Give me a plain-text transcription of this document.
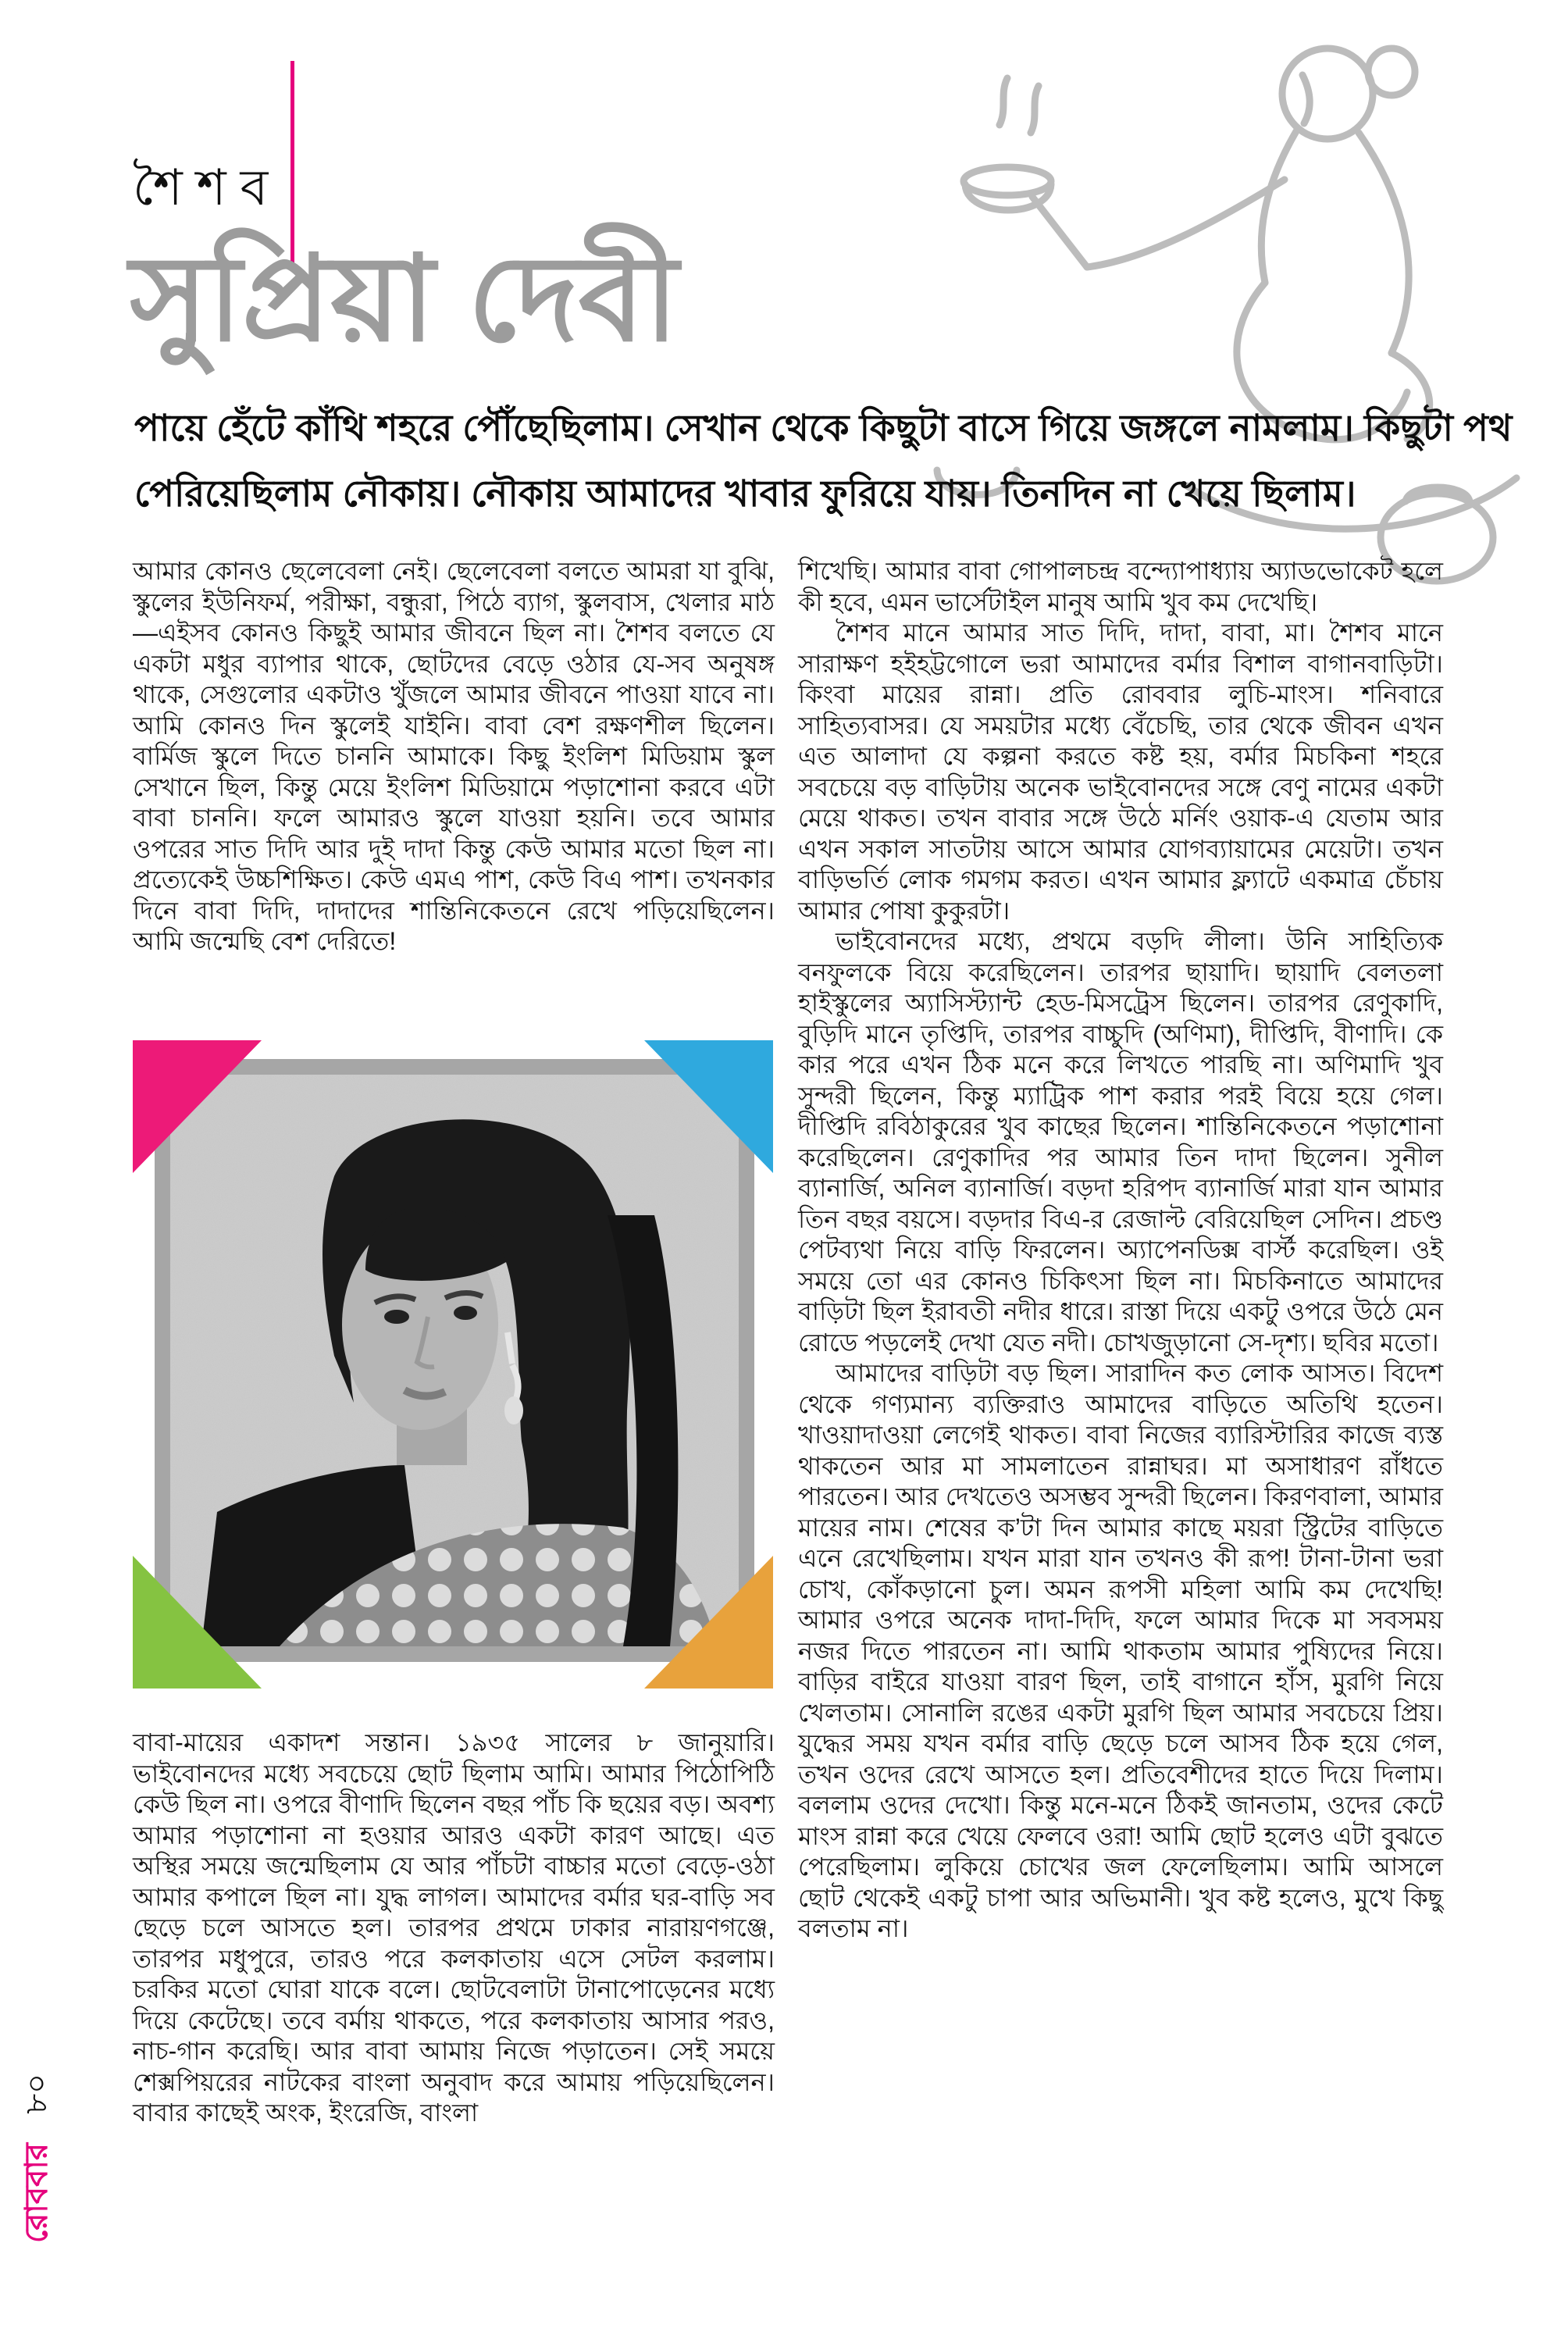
শৈশব
সুপ্রিয়া দেবী
পায়ে হেঁটে কাঁথি শহরে পৌঁছেছিলাম। সেখান থেকে কিছুটা বাসে গিয়ে জঙ্গলে নামলাম। কিছুটা পথ
পেরিয়েছিলাম নৌকায়। নৌকায় আমাদের খাবার ফুরিয়ে যায়। তিনদিন না খেয়ে ছিলাম।

আমার কোনও ছেলেবেলা নেই। ছেলেবেলা বলতে আমরা যা বুঝি, স্কুলের ইউনিফর্ম, পরীক্ষা, বন্ধুরা, পিঠে ব্যাগ, স্কুলবাস, খেলার মাঠ—এইসব কোনও কিছুই আমার জীবনে ছিল না। শৈশব বলতে যে একটা মধুর ব্যাপার থাকে, ছোটদের বেড়ে ওঠার যে-সব অনুষঙ্গ থাকে, সেগুলোর একটাও খুঁজলে আমার জীবনে পাওয়া যাবে না। আমি কোনও দিন স্কুলেই যাইনি। বাবা বেশ রক্ষণশীল ছিলেন। বার্মিজ স্কুলে দিতে চাননি আমাকে। কিছু ইংলিশ মিডিয়াম স্কুল সেখানে ছিল, কিন্তু মেয়ে ইংলিশ মিডিয়ামে পড়াশোনা করবে এটা বাবা চাননি। ফলে আমারও স্কুলে যাওয়া হয়নি। তবে আমার ওপরের সাত দিদি আর দুই দাদা কিন্তু কেউ আমার মতো ছিল না। প্রত্যেকেই উচ্চশিক্ষিত। কেউ এমএ পাশ, কেউ বিএ পাশ। তখনকার দিনে বাবা দিদি, দাদাদের শান্তিনিকেতনে রেখে পড়িয়েছিলেন। আমি জন্মেছি বেশ দেরিতে!

বাবা-মায়ের একাদশ সন্তান। ১৯৩৫ সালের ৮ জানুয়ারি। ভাইবোনদের মধ্যে সবচেয়ে ছোট ছিলাম আমি। আমার পিঠোপিঠি কেউ ছিল না। ওপরে বীণাদি ছিলেন বছর পাঁচ কি ছয়ের বড়। অবশ্য আমার পড়াশোনা না হওয়ার আরও একটা কারণ আছে। এত অস্থির সময়ে জন্মেছিলাম যে আর পাঁচটা বাচ্চার মতো বেড়ে-ওঠা আমার কপালে ছিল না। যুদ্ধ লাগল। আমাদের বর্মার ঘর-বাড়ি সব ছেড়ে চলে আসতে হল। তারপর প্রথমে ঢাকার নারায়ণগঞ্জে, তারপর মধুপুরে, তারও পরে কলকাতায় এসে সেটল করলাম। চরকির মতো ঘোরা যাকে বলে। ছোটবেলাটা টানাপোড়েনের মধ্যে দিয়ে কেটেছে। তবে বর্মায় থাকতে, পরে কলকাতায় আসার পরও, নাচ-গান করেছি। আর বাবা আমায় নিজে পড়াতেন। সেই সময়ে শেক্সপিয়রের নাটকের বাংলা অনুবাদ করে আমায় পড়িয়েছিলেন। বাবার কাছেই অংক, ইংরেজি, বাংলা

শিখেছি। আমার বাবা গোপালচন্দ্র বন্দ্যোপাধ্যায় অ্যাডভোকেট হলে কী হবে, এমন ভার্সেটাইল মানুষ আমি খুব কম দেখেছি।

শৈশব মানে আমার সাত দিদি, দাদা, বাবা, মা। শৈশব মানে সারাক্ষণ হইহট্টগোলে ভরা আমাদের বর্মার বিশাল বাগানবাড়িটা। কিংবা মায়ের রান্না। প্রতি রোববার লুচি-মাংস। শনিবারে সাহিত্যবাসর। যে সময়টার মধ্যে বেঁচেছি, তার থেকে জীবন এখন এত আলাদা যে কল্পনা করতে কষ্ট হয়, বর্মার মিচকিনা শহরে সবচেয়ে বড় বাড়িটায় অনেক ভাইবোনদের সঙ্গে বেণু নামের একটা মেয়ে থাকত। তখন বাবার সঙ্গে উঠে মর্নিং ওয়াক-এ যেতাম আর এখন সকাল সাতটায় আসে আমার যোগব্যায়ামের মেয়েটা। তখন বাড়িভর্তি লোক গমগম করত। এখন আমার ফ্ল্যাটে একমাত্র চেঁচায় আমার পোষা কুকুরটা।

ভাইবোনদের মধ্যে, প্রথমে বড়দি লীলা। উনি সাহিত্যিক বনফুলকে বিয়ে করেছিলেন। তারপর ছায়াদি। ছায়াদি বেলতলা হাইস্কুলের অ্যাসিস্ট্যান্ট হেড-মিসট্রেস ছিলেন। তারপর রেণুকাদি, বুড়িদি মানে তৃপ্তিদি, তারপর বাচ্চুদি (অণিমা), দীপ্তিদি, বীণাদি। কে কার পরে এখন ঠিক মনে করে লিখতে পারছি না। অণিমাদি খুব সুন্দরী ছিলেন, কিন্তু ম্যাট্রিক পাশ করার পরই বিয়ে হয়ে গেল। দীপ্তিদি রবিঠাকুরের খুব কাছের ছিলেন। শান্তিনিকেতনে পড়াশোনা করেছিলেন। রেণুকাদির পর আমার তিন দাদা ছিলেন। সুনীল ব্যানার্জি, অনিল ব্যানার্জি। বড়দা হরিপদ ব্যানার্জি মারা যান আমার তিন বছর বয়সে। বড়দার বিএ-র রেজাল্ট বেরিয়েছিল সেদিন। প্রচণ্ড পেটব্যথা নিয়ে বাড়ি ফিরলেন। অ্যাপেনডিক্স বার্স্ট করেছিল। ওই সময়ে তো এর কোনও চিকিৎসা ছিল না। মিচকিনাতে আমাদের বাড়িটা ছিল ইরাবতী নদীর ধারে। রাস্তা দিয়ে একটু ওপরে উঠে মেন রোডে পড়লেই দেখা যেত নদী। চোখজুড়ানো সে-দৃশ্য। ছবির মতো।

আমাদের বাড়িটা বড় ছিল। সারাদিন কত লোক আসত। বিদেশ থেকে গণ্যমান্য ব্যক্তিরাও আমাদের বাড়িতে অতিথি হতেন। খাওয়াদাওয়া লেগেই থাকত। বাবা নিজের ব্যারিস্টারির কাজে ব্যস্ত থাকতেন আর মা সামলাতেন রান্নাঘর। মা অসাধারণ রাঁধতে পারতেন। আর দেখতেও অসম্ভব সুন্দরী ছিলেন। কিরণবালা, আমার মায়ের নাম। শেষের ক’টা দিন আমার কাছে ময়রা স্ট্রিটের বাড়িতে এনে রেখেছিলাম। যখন মারা যান তখনও কী রূপ! টানা-টানা ভরা চোখ, কোঁকড়ানো চুল। অমন রূপসী মহিলা আমি কম দেখেছি! আমার ওপরে অনেক দাদা-দিদি, ফলে আমার দিকে মা সবসময় নজর দিতে পারতেন না। আমি থাকতাম আমার পুষ্যিদের নিয়ে। বাড়ির বাইরে যাওয়া বারণ ছিল, তাই বাগানে হাঁস, মুরগি নিয়ে খেলতাম। সোনালি রঙের একটা মুরগি ছিল আমার সবচেয়ে প্রিয়। যুদ্ধের সময় যখন বর্মার বাড়ি ছেড়ে চলে আসব ঠিক হয়ে গেল, তখন ওদের রেখে আসতে হল। প্রতিবেশীদের হাতে দিয়ে দিলাম। বললাম ওদের দেখো। কিন্তু মনে-মনে ঠিকই জানতাম, ওদের কেটে মাংস রান্না করে খেয়ে ফেলবে ওরা! আমি ছোট হলেও এটা বুঝতে পেরেছিলাম। লুকিয়ে চোখের জল ফেলেছিলাম। আমি আসলে ছোট থেকেই একটু চাপা আর অভিমানী। খুব কষ্ট হলেও, মুখে কিছু বলতাম না।

রোববার ৮০
